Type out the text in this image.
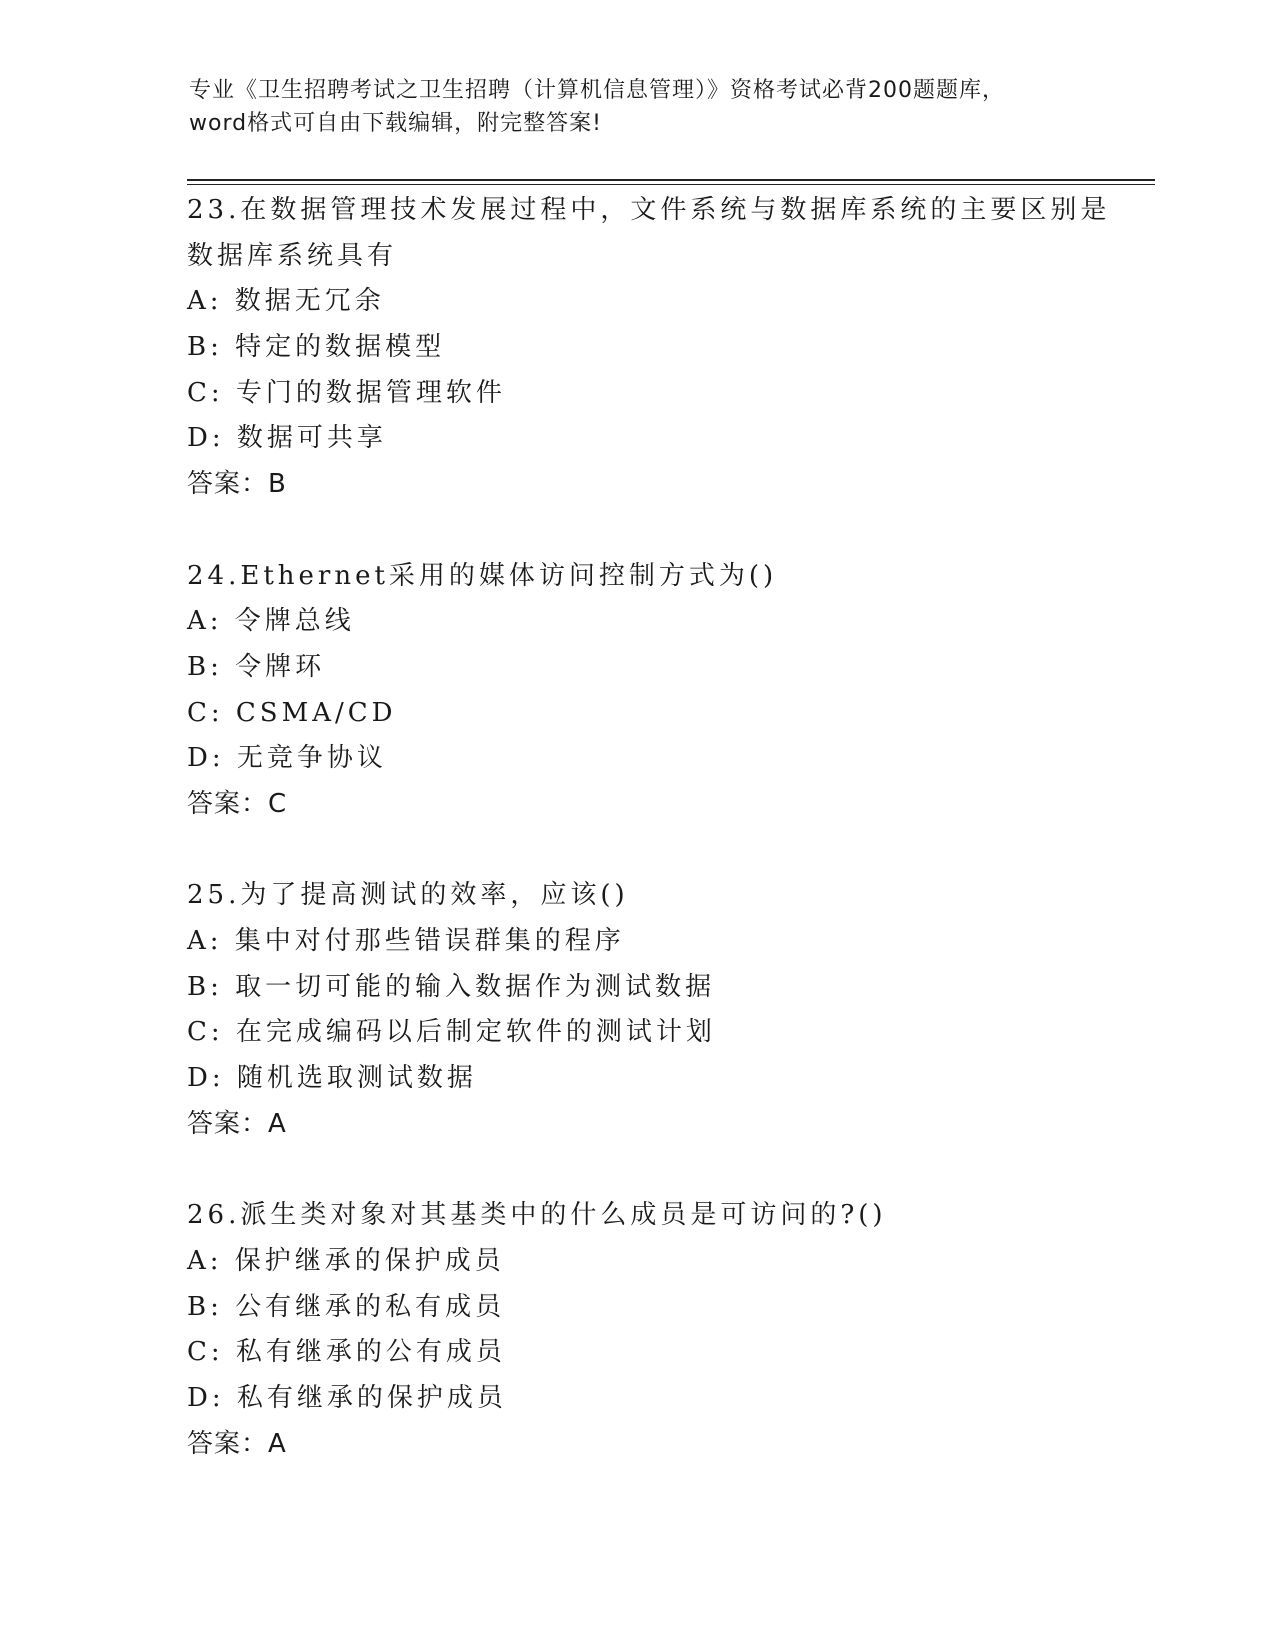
专业《卫生招聘考试之卫生招聘（计算机信息管理）》资格考试必背200题题库，
word格式可自由下载编辑，附完整答案!
23.在数据管理技术发展过程中，文件系统与数据库系统的主要区别是
数据库系统具有
A: 数据无冗余
B: 特定的数据模型
C: 专门的数据管理软件
D: 数据可共享
答案：B
24.Ethernet采用的媒体访问控制方式为()
A: 令牌总线
B: 令牌环
C: CSMA/CD
D: 无竞争协议
答案：C
25.为了提高测试的效率，应该()
A: 集中对付那些错误群集的程序
B: 取一切可能的输入数据作为测试数据
C: 在完成编码以后制定软件的测试计划
D: 随机选取测试数据
答案：A
26.派生类对象对其基类中的什么成员是可访问的?()
A: 保护继承的保护成员
B: 公有继承的私有成员
C: 私有继承的公有成员
D: 私有继承的保护成员
答案：A
